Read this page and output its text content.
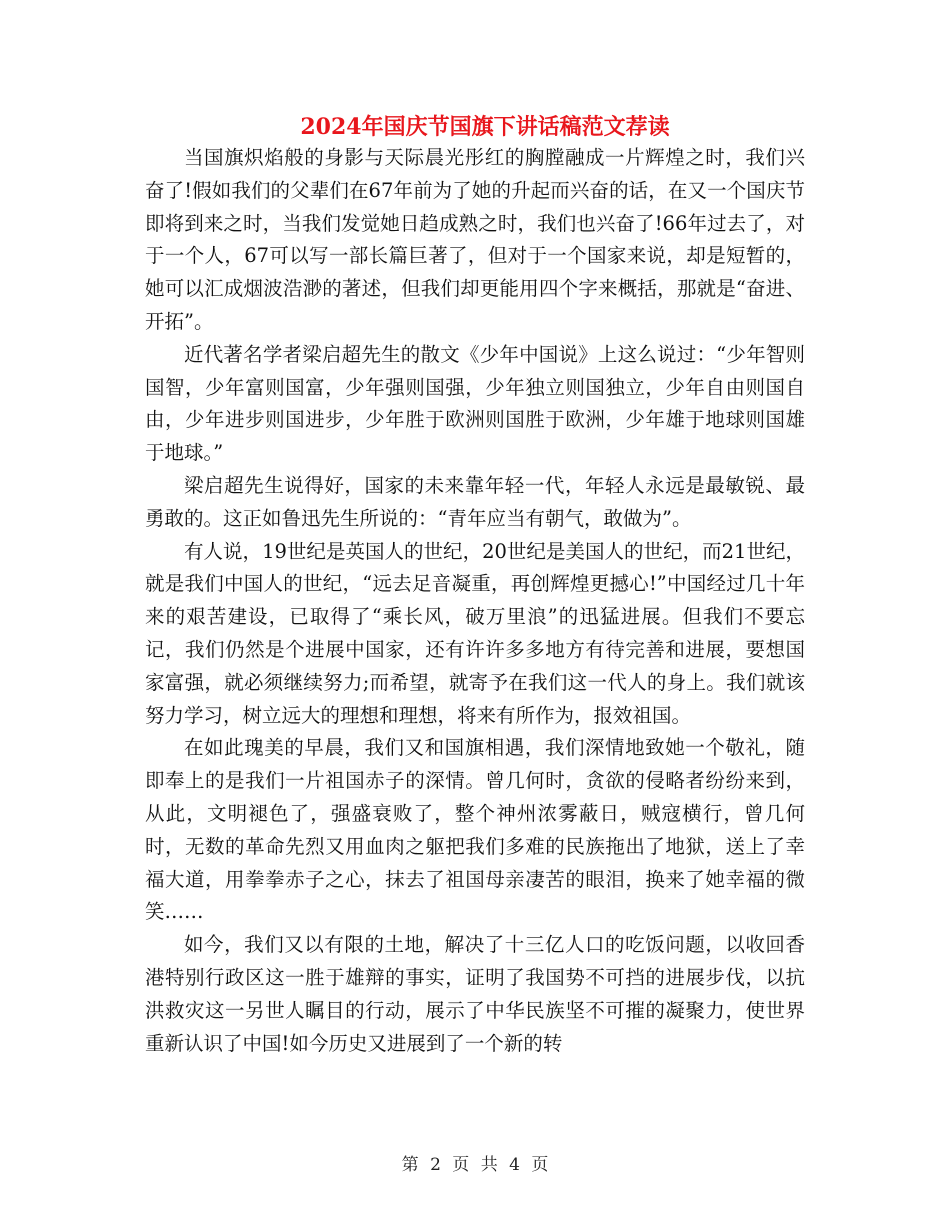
2024年国庆节国旗下讲话稿范文荐读

当国旗炽焰般的身影与天际晨光彤红的胸膛融成一片辉煌之时，我们兴奋了!假如我们的父辈们在67年前为了她的升起而兴奋的话，在又一个国庆节即将到来之时，当我们发觉她日趋成熟之时，我们也兴奋了!66年过去了，对于一个人，67可以写一部长篇巨著了，但对于一个国家来说，却是短暂的，她可以汇成烟波浩渺的著述，但我们却更能用四个字来概括，那就是“奋进、开拓”。

近代著名学者梁启超先生的散文《少年中国说》上这么说过：“少年智则国智，少年富则国富，少年强则国强，少年独立则国独立，少年自由则国自由，少年进步则国进步，少年胜于欧洲则国胜于欧洲，少年雄于地球则国雄于地球。”

梁启超先生说得好，国家的未来靠年轻一代，年轻人永远是最敏锐、最勇敢的。这正如鲁迅先生所说的：“青年应当有朝气，敢做为”。

有人说，19世纪是英国人的世纪，20世纪是美国人的世纪，而21世纪，就是我们中国人的世纪，“远去足音凝重，再创辉煌更撼心!”中国经过几十年来的艰苦建设，已取得了“乘长风，破万里浪”的迅猛进展。但我们不要忘记，我们仍然是个进展中国家，还有许许多多地方有待完善和进展，要想国家富强，就必须继续努力;而希望，就寄予在我们这一代人的身上。我们就该努力学习，树立远大的理想和理想，将来有所作为，报效祖国。

在如此瑰美的早晨，我们又和国旗相遇，我们深情地致她一个敬礼，随即奉上的是我们一片祖国赤子的深情。曾几何时，贪欲的侵略者纷纷来到，从此，文明褪色了，强盛衰败了，整个神州浓雾蔽日，贼寇横行，曾几何时，无数的革命先烈又用血肉之躯把我们多难的民族拖出了地狱，送上了幸福大道，用拳拳赤子之心，抹去了祖国母亲凄苦的眼泪，换来了她幸福的微笑……

如今，我们又以有限的土地，解决了十三亿人口的吃饭问题，以收回香港特别行政区这一胜于雄辩的事实，证明了我国势不可挡的进展步伐，以抗洪救灾这一另世人瞩目的行动，展示了中华民族坚不可摧的凝聚力，使世界重新认识了中国!如今历史又进展到了一个新的转

第 2 页 共 4 页
